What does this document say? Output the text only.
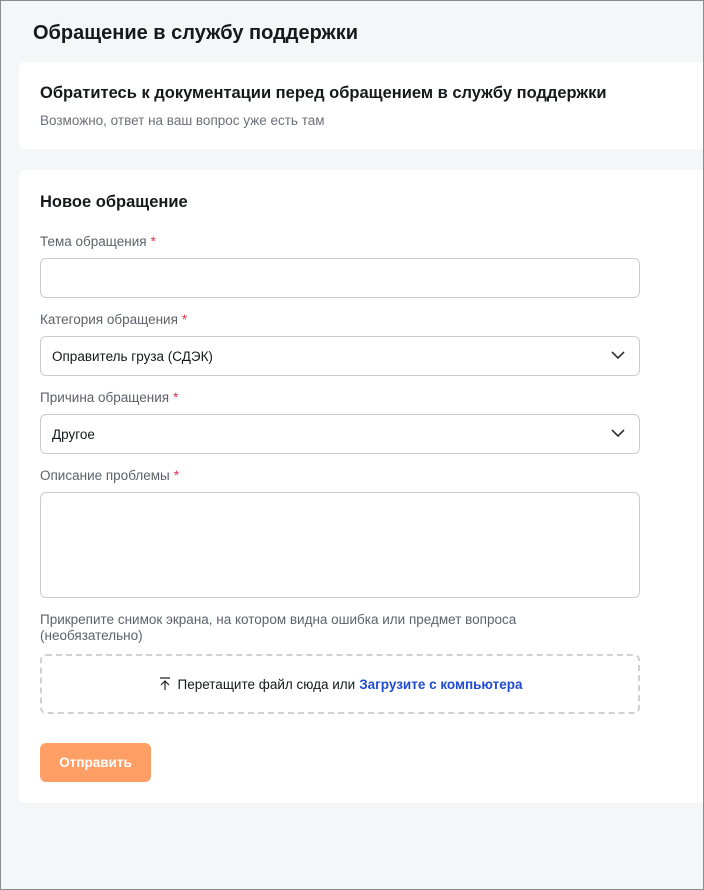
Обращение в службу поддержки
Обратитесь к документации перед обращением в службу поддержки
Возможно, ответ на ваш вопрос уже есть там
Новое обращение
Тема обращения *
Категория обращения *
Оправитель груза (СДЭК)
Причина обращения *
Другое
Описание проблемы *
Прикрепите снимок экрана, на котором видна ошибка или предмет вопроса (необязательно)
Перетащите файл сюда или Загрузите с компьютера
Отправить
